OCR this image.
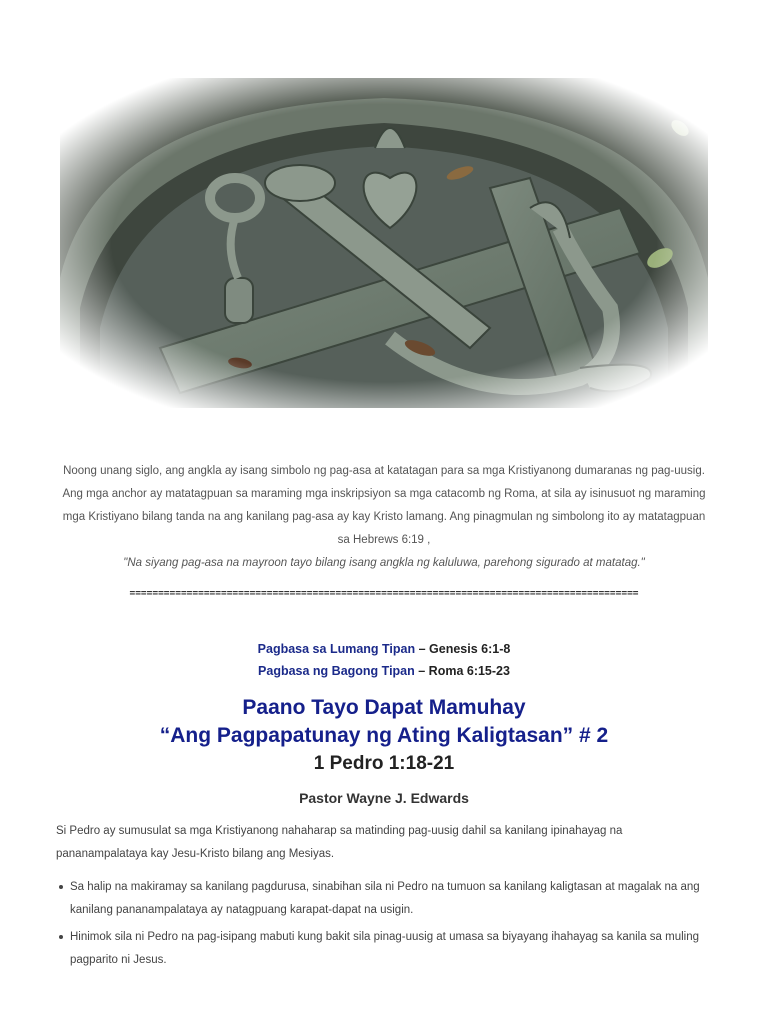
Noong unang siglo, ang angkla ay isang simbolo ng pag-asa at katatagan para sa mga Kristiyanong dumaranas ng pag-uusig. Ang mga anchor ay matatagpuan sa maraming mga inskripsiyon sa mga catacomb ng Roma, at sila ay isinusuot ng maraming mga Kristiyano bilang tanda na ang kanilang pag-asa ay kay Kristo lamang. Ang pinagmulan ng simbolong ito ay matatagpuan sa Hebrews 6:19 ,
"Na siyang pag-asa na mayroon tayo bilang isang angkla ng kaluluwa, parehong sigurado at matatag."
=========================================================================================
Pagbasa sa Lumang Tipan – Genesis 6:1-8
Pagbasa ng Bagong Tipan – Roma 6:15-23
Paano Tayo Dapat Mamuhay
“Ang Pagpapatunay ng Ating Kaligtasan” # 2
1 Pedro 1:18-21
Pastor Wayne J. Edwards
Si Pedro ay sumusulat sa mga Kristiyanong nahaharap sa matinding pag-uusig dahil sa kanilang ipinahayag na pananampalataya kay Jesu-Kristo bilang ang Mesiyas.
Sa halip na makiramay sa kanilang pagdurusa, sinabihan sila ni Pedro na tumuon sa kanilang kaligtasan at magalak na ang kanilang pananampalataya ay natagpuang karapat-dapat na usigin.
Hinimok sila ni Pedro na pag-isipang mabuti kung bakit sila pinag-uusig at umasa sa biyayang ihahayag sa kanila sa muling pagparito ni Jesus.
